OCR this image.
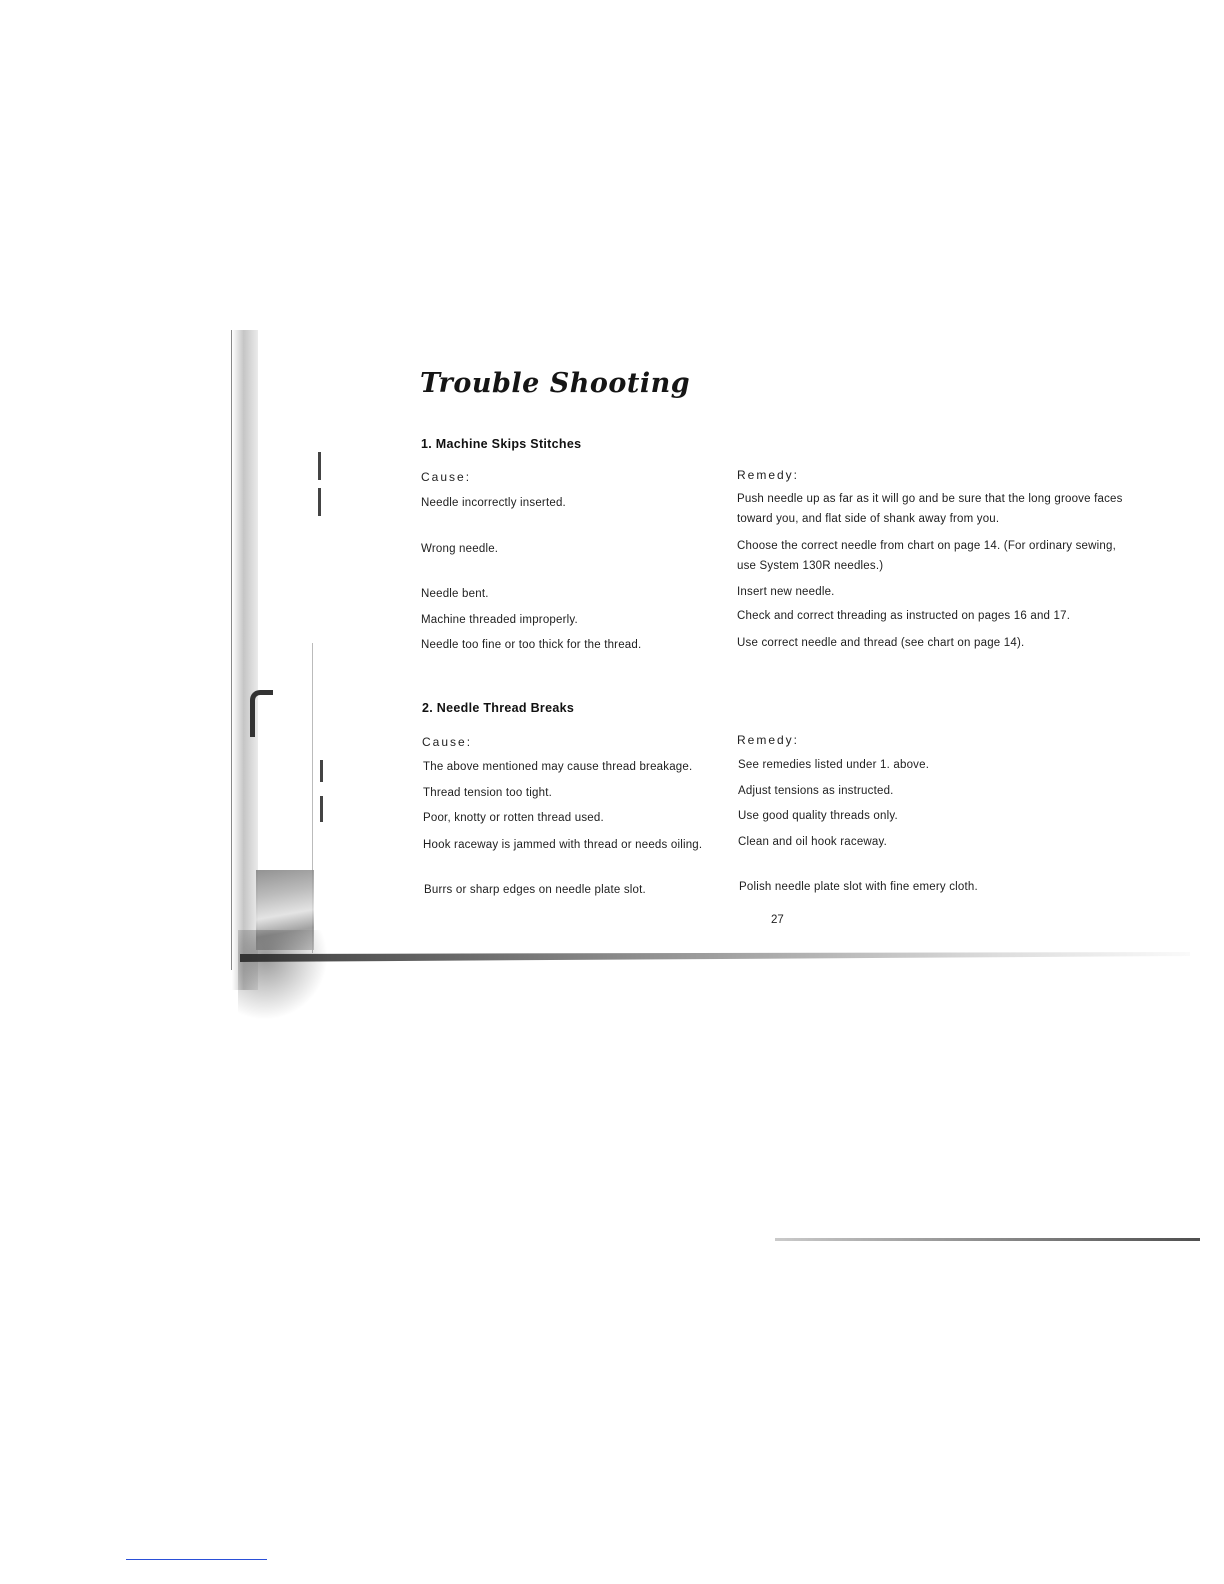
Trouble Shooting
1. Machine Skips Stitches
Cause:	Remedy:
Needle incorrectly inserted.	Push needle up as far as it will go and be sure that the long groove faces toward you, and flat side of shank away from you.
Wrong needle.	Choose the correct needle from chart on page 14. (For ordinary sewing, use System 130R needles.)
Needle bent.	Insert new needle.
Machine threaded improperly.	Check and correct threading as instructed on pages 16 and 17.
Needle too fine or too thick for the thread.	Use correct needle and thread (see chart on page 14).
2. Needle Thread Breaks
Cause:	Remedy:
The above mentioned may cause thread breakage.	See remedies listed under 1. above.
Thread tension too tight.	Adjust tensions as instructed.
Poor, knotty or rotten thread used.	Use good quality threads only.
Hook raceway is jammed with thread or needs oiling.	Clean and oil hook raceway.
Burrs or sharp edges on needle plate slot.	Polish needle plate slot with fine emery cloth.
27
